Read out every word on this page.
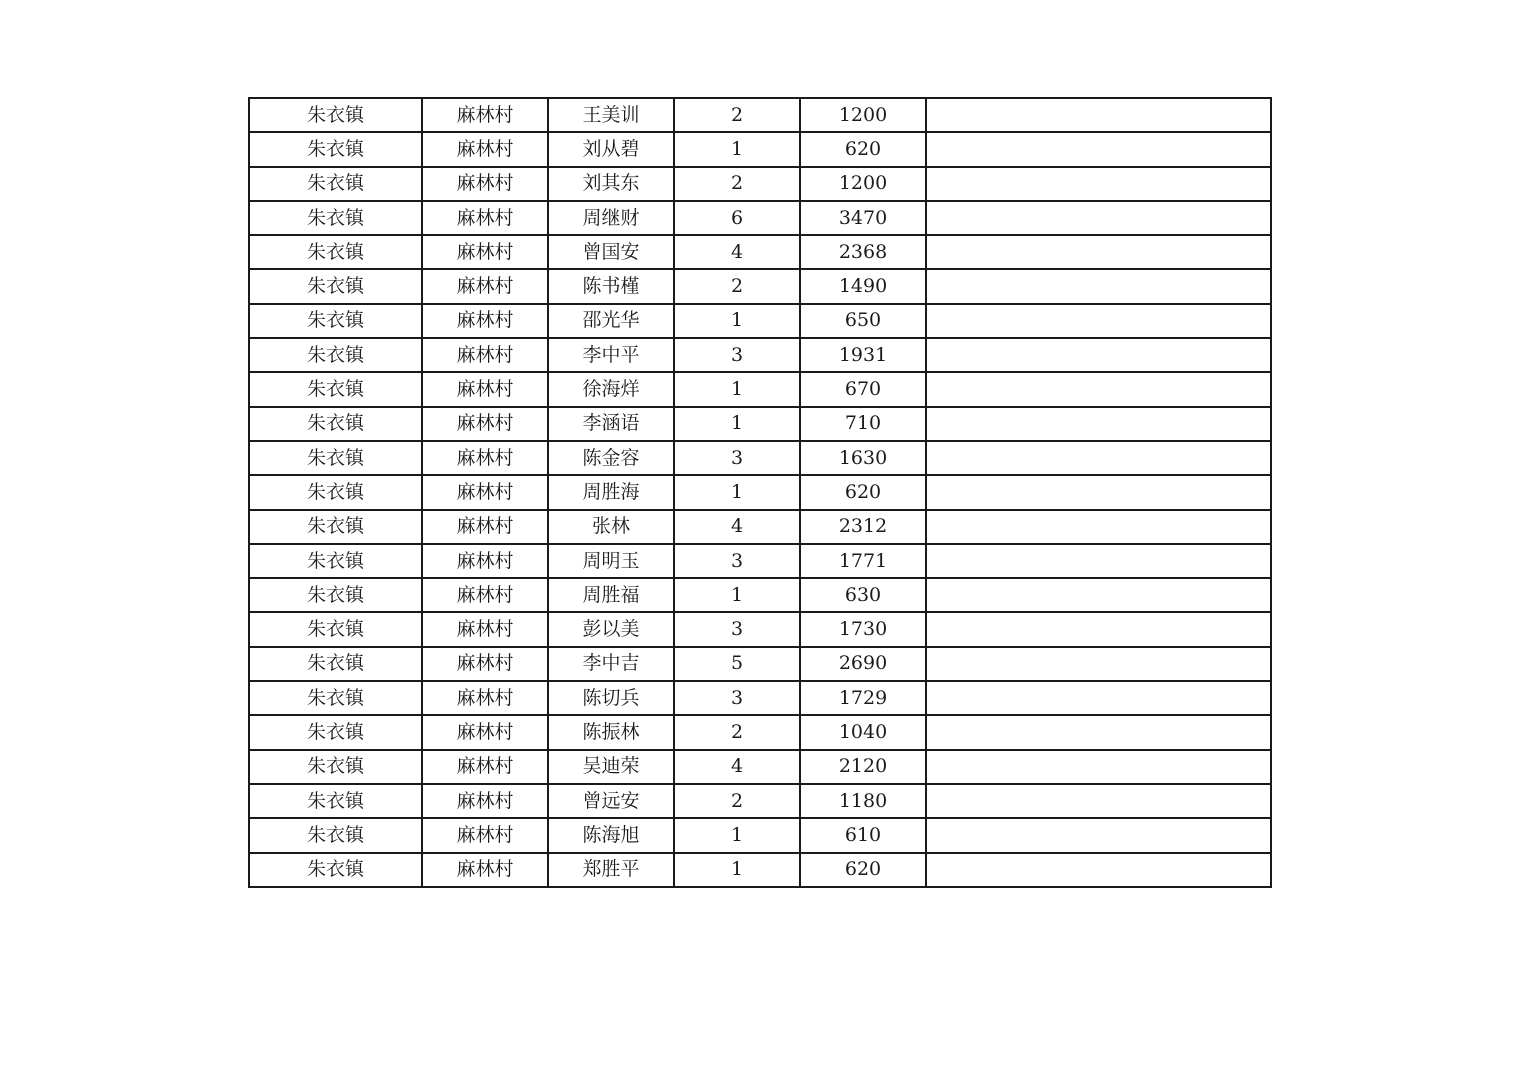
朱衣镇	麻林村	王美训	2	1200	
朱衣镇	麻林村	刘从碧	1	620	
朱衣镇	麻林村	刘其东	2	1200	
朱衣镇	麻林村	周继财	6	3470	
朱衣镇	麻林村	曾国安	4	2368	
朱衣镇	麻林村	陈书槿	2	1490	
朱衣镇	麻林村	邵光华	1	650	
朱衣镇	麻林村	李中平	3	1931	
朱衣镇	麻林村	徐海烊	1	670	
朱衣镇	麻林村	李涵语	1	710	
朱衣镇	麻林村	陈金容	3	1630	
朱衣镇	麻林村	周胜海	1	620	
朱衣镇	麻林村	张林	4	2312	
朱衣镇	麻林村	周明玉	3	1771	
朱衣镇	麻林村	周胜福	1	630	
朱衣镇	麻林村	彭以美	3	1730	
朱衣镇	麻林村	李中吉	5	2690	
朱衣镇	麻林村	陈切兵	3	1729	
朱衣镇	麻林村	陈振林	2	1040	
朱衣镇	麻林村	吴迪荣	4	2120	
朱衣镇	麻林村	曾远安	2	1180	
朱衣镇	麻林村	陈海旭	1	610	
朱衣镇	麻林村	郑胜平	1	620	
